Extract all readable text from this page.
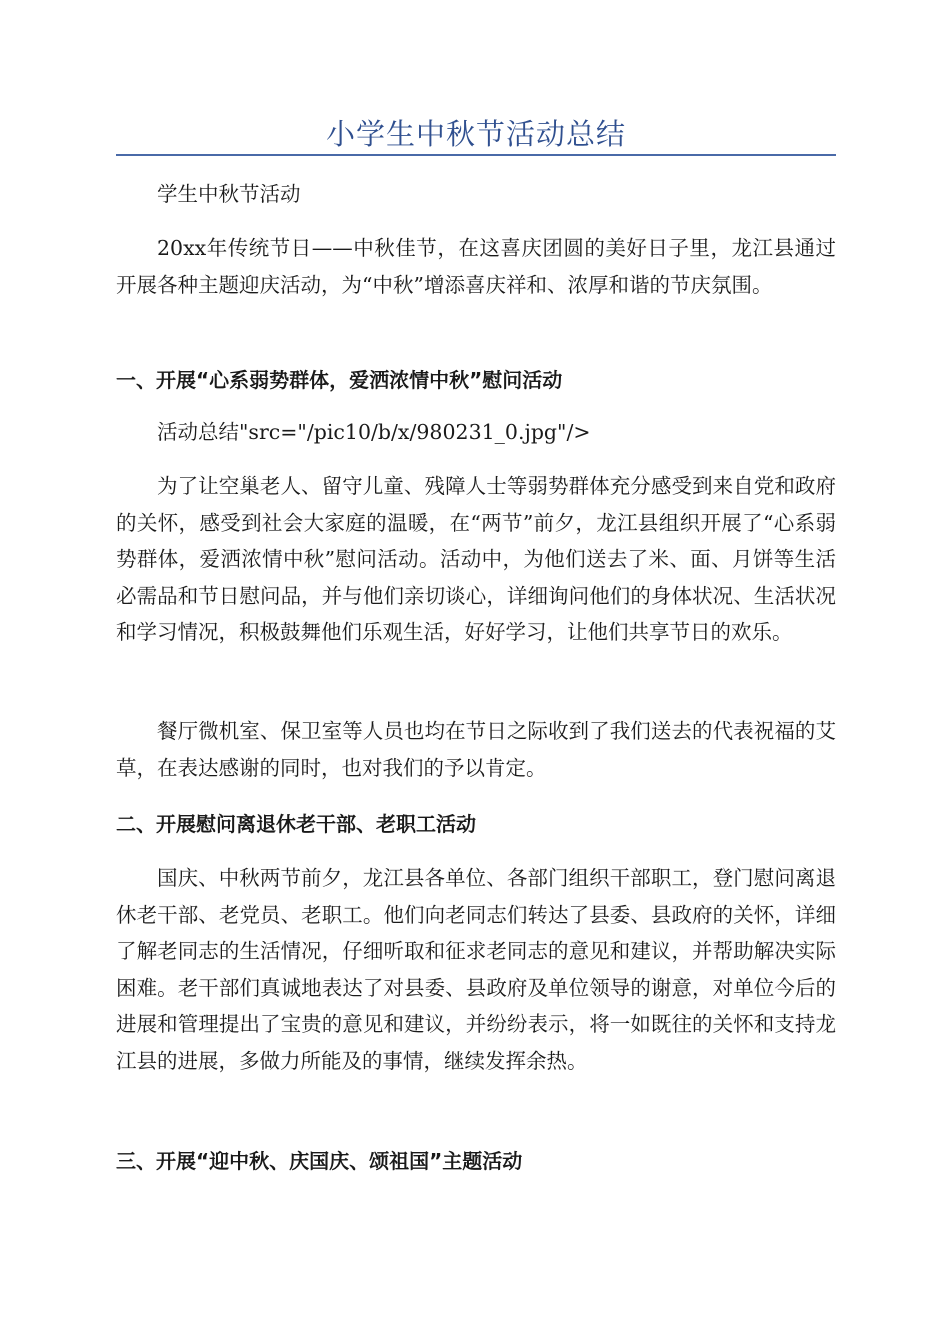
小学生中秋节活动总结
学生中秋节活动
20xx年传统节日——中秋佳节，在这喜庆团圆的美好日子里，龙江县通过开展各种主题迎庆活动，为“中秋”增添喜庆祥和、浓厚和谐的节庆氛围。
一、开展“心系弱势群体，爱洒浓情中秋”慰问活动
活动总结"src="/pic10/b/x/980231_0.jpg"/>
为了让空巢老人、留守儿童、残障人士等弱势群体充分感受到来自党和政府的关怀，感受到社会大家庭的温暖，在“两节”前夕，龙江县组织开展了“心系弱势群体，爱洒浓情中秋”慰问活动。活动中，为他们送去了米、面、月饼等生活必需品和节日慰问品，并与他们亲切谈心，详细询问他们的身体状况、生活状况和学习情况，积极鼓舞他们乐观生活，好好学习，让他们共享节日的欢乐。
餐厅微机室、保卫室等人员也均在节日之际收到了我们送去的代表祝福的艾草，在表达感谢的同时，也对我们的予以肯定。
二、开展慰问离退休老干部、老职工活动
国庆、中秋两节前夕，龙江县各单位、各部门组织干部职工，登门慰问离退休老干部、老党员、老职工。他们向老同志们转达了县委、县政府的关怀，详细了解老同志的生活情况，仔细听取和征求老同志的意见和建议，并帮助解决实际困难。老干部们真诚地表达了对县委、县政府及单位领导的谢意，对单位今后的进展和管理提出了宝贵的意见和建议，并纷纷表示，将一如既往的关怀和支持龙江县的进展，多做力所能及的事情，继续发挥余热。
三、开展“迎中秋、庆国庆、颂祖国”主题活动
